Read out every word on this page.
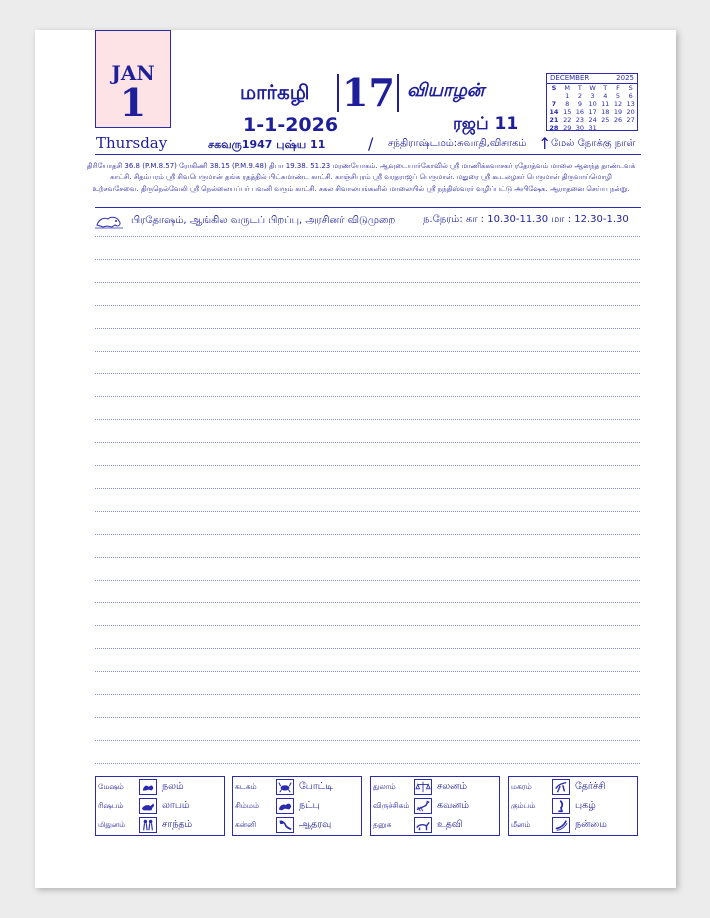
JAN
1
Thursday
மார்கழி 17 வியாழன்
1-1-2026	ரஜப் 11
DECEMBER	2025
S	M	T	W	T	F	S
	1	2	3	4	5	6
7	8	9	10	11	12	13
14	15	16	17	18	19	20
21	22	23	24	25	26	27
28	29	30	31			
சகவரு1947 புஷ்ய 11	/ சந்திராஷ்டமம்:சுவாதி,விசாகம் ↑ மேல் நோக்கு நாள்
திரியோதசி 36.8 (P.M.8.57) ரோகிணி 38.15 (P.M.9.48) திபா 19.38. 51.23 மரணயோகம். ஆவுடையார்கோவில் ஸ்ரீ மாணிக்கவாசகர் ரதோத்வம் மாலை ஆனந்த தாண்டவக்
காட்சி. சிதம்பரம் ஸ்ரீ சிவபெருமான் தங்க ரதத்தில் பிட்சுமாண்ட காட்சி. காஞ்சிபுரம் ஸ்ரீ வரதராஜப் பெருமாள். மதுரை ஸ்ரீ கூடலழகர் பெருமாள் திருவாய்மொழி
உற்சவசேவை. திருநெல்வேலி ஸ்ரீ நெல்லையப்பர் பவனி வரும் காட்சி. சகல சிவாலயங்களில் மாலையில் ஸ்ரீ நந்திஸ்வரர் வழிப்பட்டு அபிஷேக. ஆராதனை செய்ய நன்று.
பிரதோஷம், ஆங்கில வருடப் பிறப்பு, அரசினர் விடுமுறை	ந.நேரம்: கா : 10.30-11.30 மா : 12.30-1.30
மேஷம்	நலம்
ரிஷபம்	லாபம்
மிதுனம்	சாந்தம்
கடகம்	போட்டி
சிம்மம்	நட்பு
கன்னி	ஆதரவு
துலாம்	சலனம்
விருச்சிகம்	கவனம்
தனுசு	உதவி
மகரம்	தேர்ச்சி
கும்பம்	புகழ்
மீனம்	நன்மை
